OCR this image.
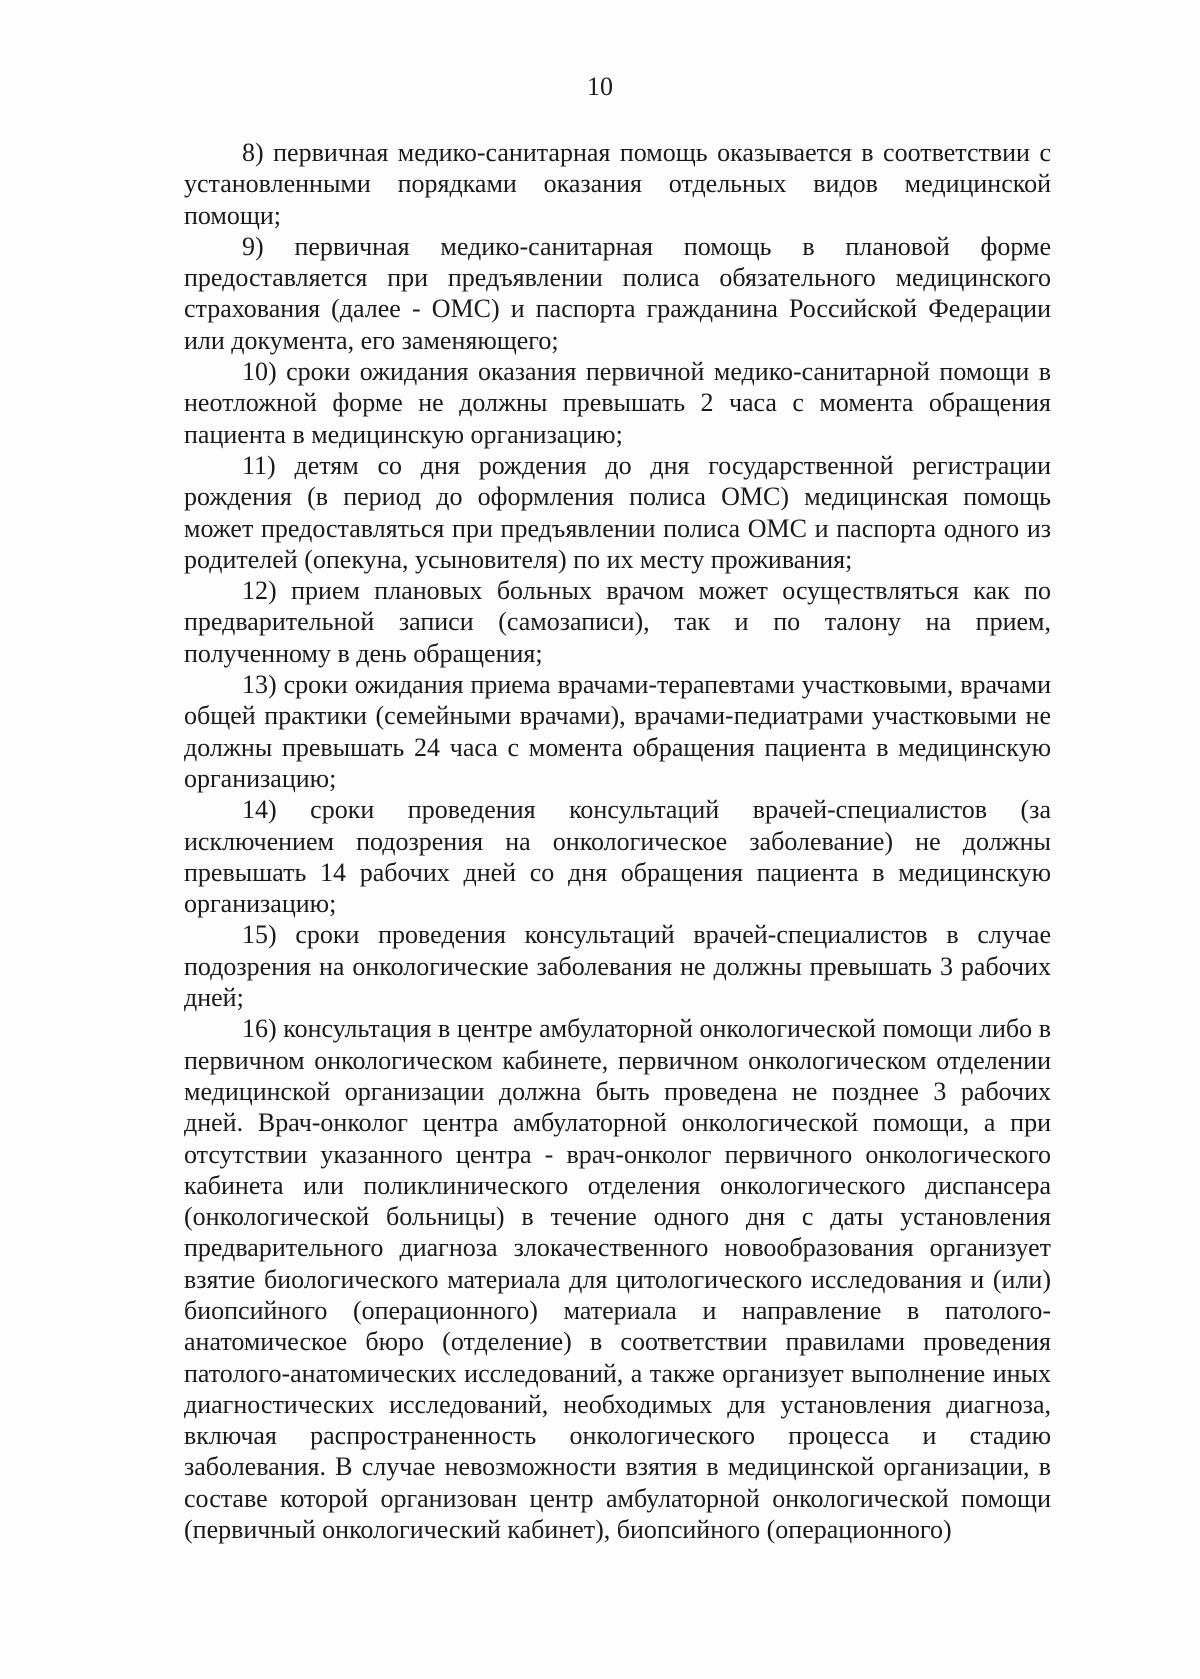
10

8) первичная медико-санитарная помощь оказывается в соответствии с установленными порядками оказания отдельных видов медицинской помощи;

9) первичная медико-санитарная помощь в плановой форме предоставляется при предъявлении полиса обязательного медицинского страхования (далее - ОМС) и паспорта гражданина Российской Федерации или документа, его заменяющего;

10) сроки ожидания оказания первичной медико-санитарной помощи в неотложной форме не должны превышать 2 часа с момента обращения пациента в медицинскую организацию;

11) детям со дня рождения до дня государственной регистрации рождения (в период до оформления полиса ОМС) медицинская помощь может предоставляться при предъявлении полиса ОМС и паспорта одного из родителей (опекуна, усыновителя) по их месту проживания;

12) прием плановых больных врачом может осуществляться как по предварительной записи (самозаписи), так и по талону на прием, полученному в день обращения;

13) сроки ожидания приема врачами-терапевтами участковыми, врачами общей практики (семейными врачами), врачами-педиатрами участковыми не должны превышать 24 часа с момента обращения пациента в медицинскую организацию;

14) сроки проведения консультаций врачей-специалистов (за исключением подозрения на онкологическое заболевание) не должны превышать 14 рабочих дней со дня обращения пациента в медицинскую организацию;

15) сроки проведения консультаций врачей-специалистов в случае подозрения на онкологические заболевания не должны превышать 3 рабочих дней;

16) консультация в центре амбулаторной онкологической помощи либо в первичном онкологическом кабинете, первичном онкологическом отделении медицинской организации должна быть проведена не позднее 3 рабочих дней. Врач-онколог центра амбулаторной онкологической помощи, а при отсутствии указанного центра - врач-онколог первичного онкологического кабинета или поликлинического отделения онкологического диспансера (онкологической больницы) в течение одного дня с даты установления предварительного диагноза злокачественного новообразования организует взятие биологического материала для цитологического исследования и (или) биопсийного (операционного) материала и направление в патолого-анатомическое бюро (отделение) в соответствии правилами проведения патолого-анатомических исследований, а также организует выполнение иных диагностических исследований, необходимых для установления диагноза, включая распространенность онкологического процесса и стадию заболевания. В случае невозможности взятия в медицинской организации, в составе которой организован центр амбулаторной онкологической помощи (первичный онкологический кабинет), биопсийного (операционного)
